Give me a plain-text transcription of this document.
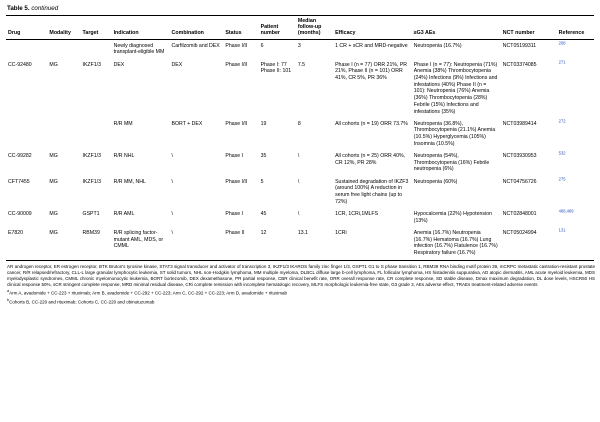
Table 5. continued
Drug	Modality	Target	Indication	Combination	Status	Patient number	Median follow-up (months)	Efficacy	≥G3 AEs	NCT number	Reference
			Newly diagnosed transplant-eligible MM	Carfilzomib and DEX	Phase I/II	6	3	1 CR + sCR and MRD-negative	Neutropenia (16.7%)	NCT05199311	$^{268}$
CC-92480	MG	IKZF1/3	DEX	DEX	Phase I/II	Phase I: 77 Phase II: 101	7.5	Phase I (n = 77) ORR 21%, PR 21%, Phase II (n = 101) ORR 41%, CR 5%, PR 36%	Phase I (n = 77): Neutropenia (71%) Anemia (38%) Thrombocytopenia (24%) Infections (9%) Infections and infestations (40%) Phase II (n = 101): Neutropenia (76%) Anemia (36%) Thrombocytopenia (28%) Febrile (15%) Infections and infestations (35%)	NCT03374085	$^{271}$
			R/R MM	BORT + DEX	Phase I/II	19	8	All cohorts (n = 19) ORR 73.7%	Neutropenia (36.8%), Thrombocytopenia (21.1%) Anemia (10.5%) Hyperglycemia (105%) Insomnia (10.5%)	NCT03989414	$^{272}$
CC-99282	MG	IKZF1/3	R/R NHL	\	Phase I	35	\	All cohorts (n = 25) ORR 40%, CR 12%, PR 28%	Neutropenia (54%), Thrombocytopenia (16%) Febrile neutropenia (6%)	NCT03930953	$^{532}$
CFT7455	MG	IKZF1/3	R/R MM, NHL	\	Phase I/II	5	\	Sustained degradation of IKZF3 (around 100%) A reduction in serum free light chains (up to 72%)	Neutropenia (60%)	NCT04756726	$^{275}$
CC-90009	MG	GSPT1	R/R AML	\	Phase I	45	\	1CR, 1CRi,1MLFS	Hypocalcemia (22%) Hypotension (13%)	NCT02848001	$^{488,489}$
E7820	MG	RBM39	R/R splicing factor-mutant AML, MDS, or CMML	\	Phase II	12	13.1	1CRi	Anemia (16.7%) Neutropenia (16.7%) Hematoma (16.7%) Lung infection (16.7%) Flatulence (16.7%) Respiratory failure (16.7%)	NCT05024994	$^{131}$
AR androgen receptor, ER estrogen receptor, BTK Bruton's tyrosine kinase, STAT3 signal transducer and activator of transcription 3, IKZF1/3 IKAROS family zinc finger 1/3, GSPT1 G1 to S phase transition 1, RBM39 RNA binding motif protein 39, mCRPC metastatic castration-resistant prostate cancer, R/R relapsed/refractory, CLL-L large granular lymphocytic leukemia, ST solid tumors, NHL non-Hodgkin lymphoma, MM multiple myeloma, DLBCL diffuse large b-cell lymphoma, FL follicular lymphoma, HS histadenitis suppurativa, AD atopic dermatitis, AML acute myeloid leukemia, MDS myelodysplastic syndromes, CMML chronic myelomonocytic leukemia, BORT bortezomib, DEX dexamethasone, PR partial response, CBR clinical benefit rate, ORR overall response rate, CR complete response, SD stable disease, Dmax maximum degradation, DL dose levels, HSCR50 HS clinical response 50%, sCR stringent complete response, MRD minimal residual disease, CRi complete remission with incomplete hematologic recovery, MLFS morphologic leukemia-free state, G3 grade 3, AEs adverse effect, TRAEs treatment-related adverse events
$^a$Arm A, avadomide + CC-223 + rituximab; Arm B, avadomide + CC-292 + CC-223; Arm C, CC-292 + CC-223; Arm D, avadomide + rituximab
$^b$Cohorts B, CC-220 and rituximab; Cohorts C, CC-220 and obinutuzumab
